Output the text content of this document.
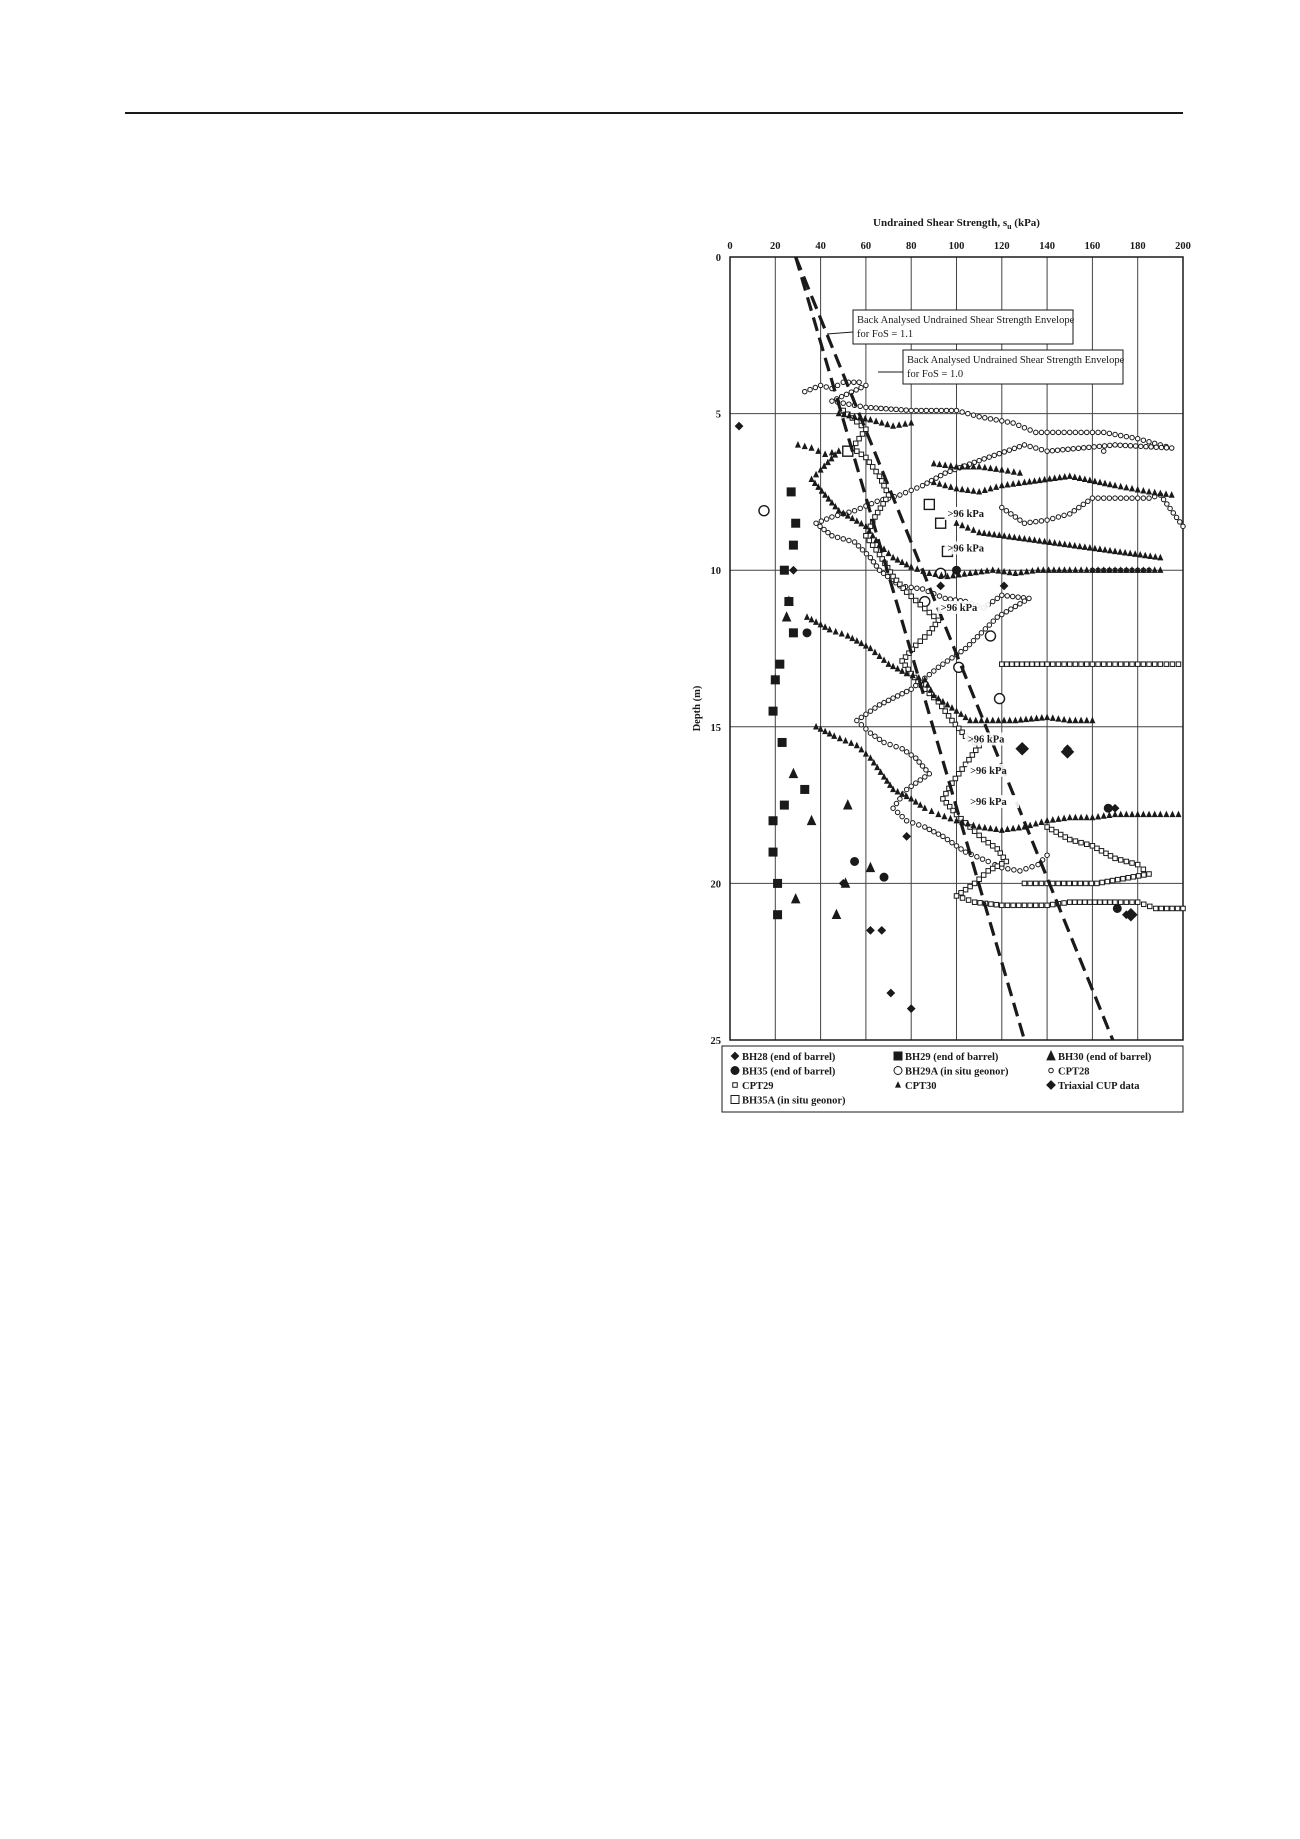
Back Analysed Undrained Shear Strength Envelope
for FoS = 1.1
Back Analysed Undrained Shear Strength Envelope
for FoS = 1.0
>96 kPa
>96 kPa
>96 kPa
>96 kPa
>96 kPa
>96 kPa
0	20	40	60	80	100	120	140	160	180	200
0
5
10
15
20
25
Undrained Shear Strength, $s_u$ (kPa)
Depth (m)
BH28 (end of barrel)	BH29 (end of barrel)	BH30 (end of barrel)
BH35 (end of barrel)	BH29A (in situ geonor)	CPT28
CPT29	CPT30	Triaxial CUP data
BH35A (in situ geonor)
